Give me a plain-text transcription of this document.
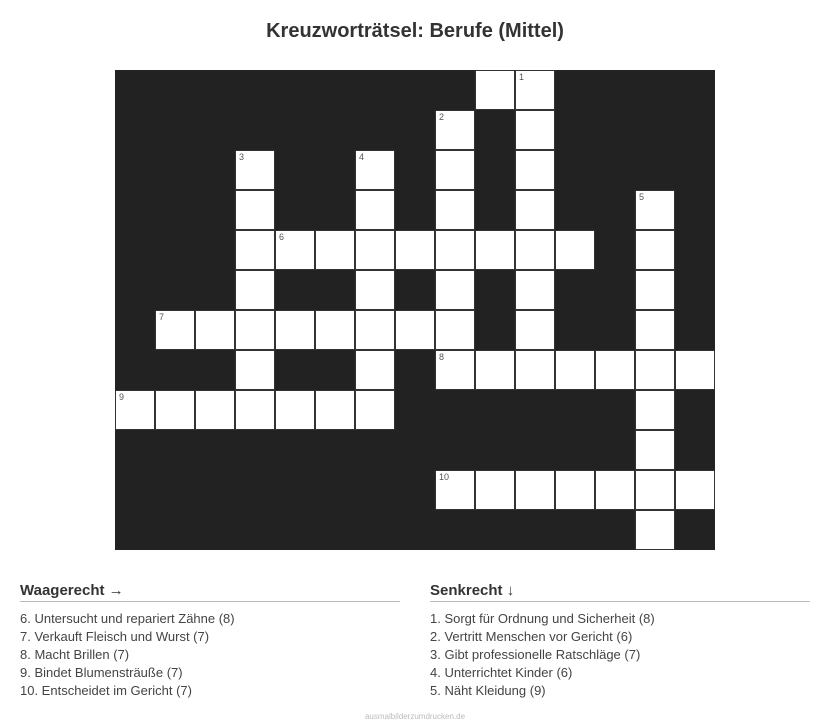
Kreuzworträtsel: Berufe (Mittel)
1
2
3	4
5
6
7
8
9
10
Waagerecht →
6. Untersucht und repariert Zähne (8)
7. Verkauft Fleisch und Wurst (7)
8. Macht Brillen (7)
9. Bindet Blumensträuße (7)
10. Entscheidet im Gericht (7)
Senkrecht ↓
1. Sorgt für Ordnung und Sicherheit (8)
2. Vertritt Menschen vor Gericht (6)
3. Gibt professionelle Ratschläge (7)
4. Unterrichtet Kinder (6)
5. Näht Kleidung (9)
ausmalbilderzumdrucken.de
